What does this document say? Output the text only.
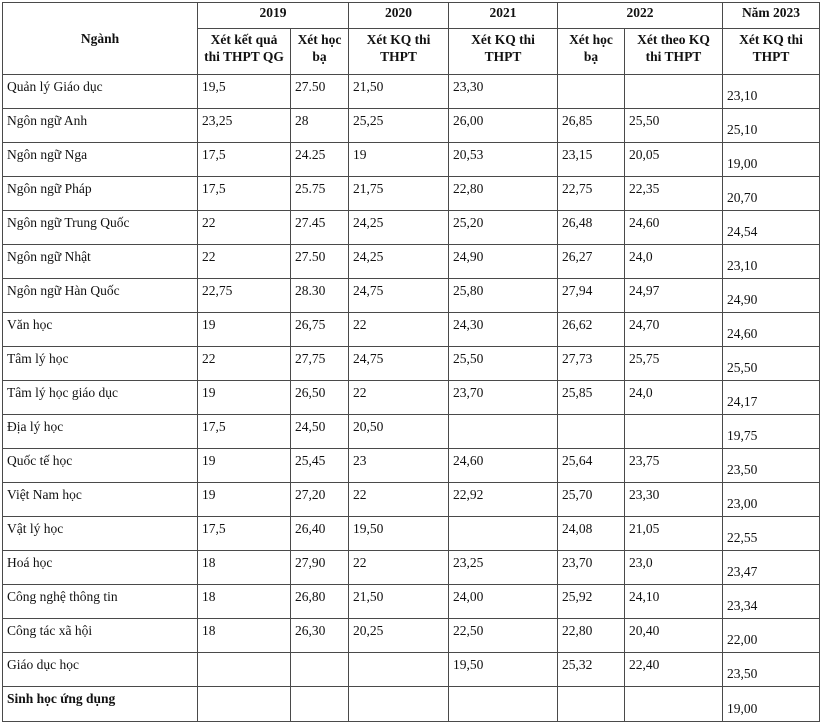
Ngành	2019		2020	2021	2022		Năm 2023
	Xét kết quả thi THPT QG	Xét học bạ	Xét KQ thi THPT	Xét KQ thi THPT	Xét học bạ	Xét theo KQ thi THPT	Xét KQ thi THPT
Quản lý Giáo dục	19,5	27.50	21,50	23,30			23,10
Ngôn ngữ Anh	23,25	28	25,25	26,00	26,85	25,50	25,10
Ngôn ngữ Nga	17,5	24.25	19	20,53	23,15	20,05	19,00
Ngôn ngữ Pháp	17,5	25.75	21,75	22,80	22,75	22,35	20,70
Ngôn ngữ Trung Quốc	22	27.45	24,25	25,20	26,48	24,60	24,54
Ngôn ngữ Nhật	22	27.50	24,25	24,90	26,27	24,0	23,10
Ngôn ngữ Hàn Quốc	22,75	28.30	24,75	25,80	27,94	24,97	24,90
Văn học	19	26,75	22	24,30	26,62	24,70	24,60
Tâm lý học	22	27,75	24,75	25,50	27,73	25,75	25,50
Tâm lý học giáo dục	19	26,50	22	23,70	25,85	24,0	24,17
Địa lý học	17,5	24,50	20,50				19,75
Quốc tế học	19	25,45	23	24,60	25,64	23,75	23,50
Việt Nam học	19	27,20	22	22,92	25,70	23,30	23,00
Vật lý học	17,5	26,40	19,50		24,08	21,05	22,55
Hoá học	18	27,90	22	23,25	23,70	23,0	23,47
Công nghệ thông tin	18	26,80	21,50	24,00	25,92	24,10	23,34
Công tác xã hội	18	26,30	20,25	22,50	22,80	20,40	22,00
Giáo dục học				19,50	25,32	22,40	23,50
Sinh học ứng dụng							19,00
